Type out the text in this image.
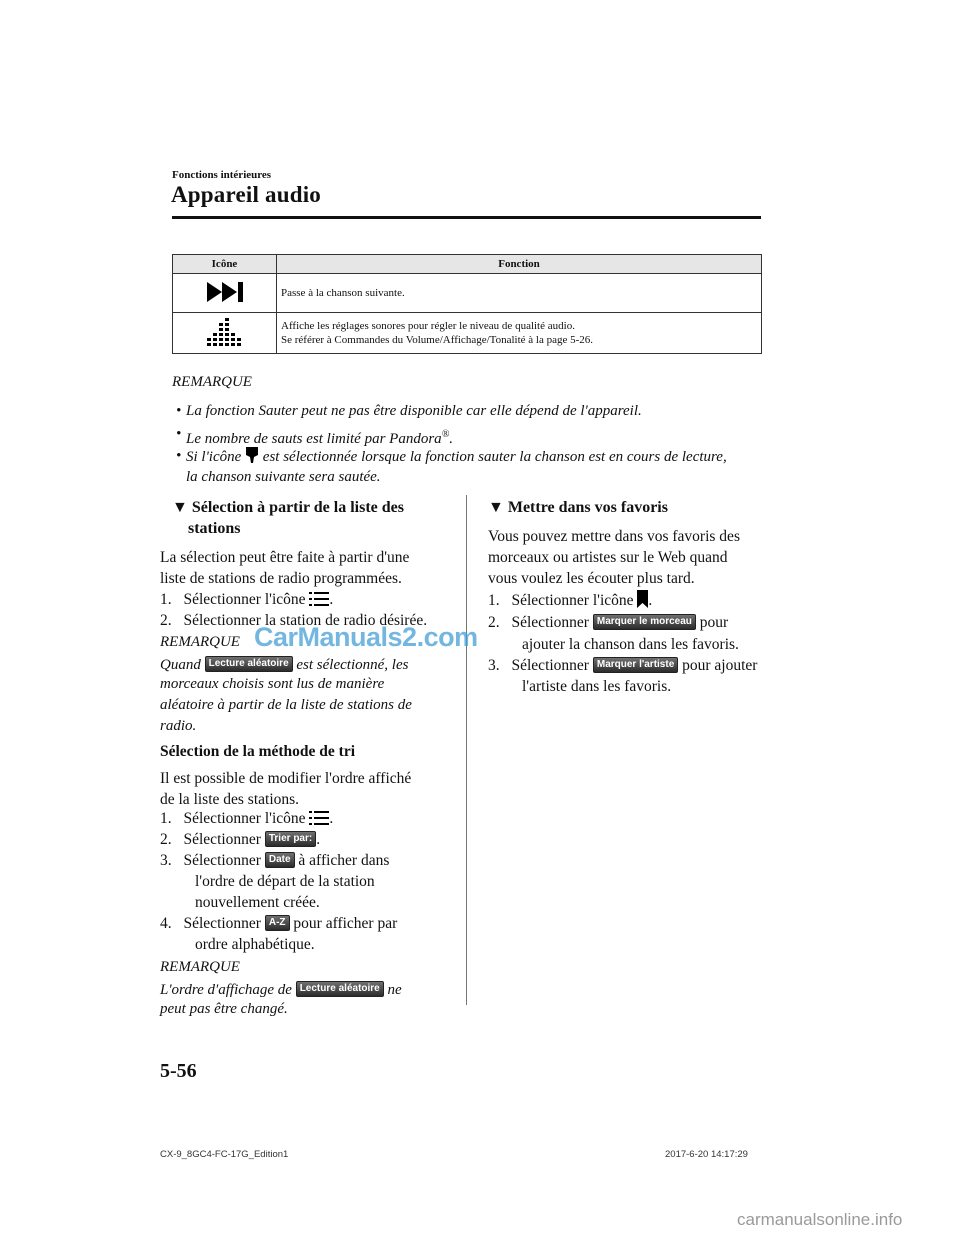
Fonctions intérieures
Appareil audio
Icône	Fonction

Passe à la chanson suivante.

Affiche les réglages sonores pour régler le niveau de qualité audio.
Se référer à Commandes du Volume/Affichage/Tonalité à la page 5-26.
REMARQUE
• La fonction Sauter peut ne pas être disponible car elle dépend de l'appareil.
• Le nombre de sauts est limité par Pandora®.
• Si l'icône est sélectionnée lorsque la fonction sauter la chanson est en cours de lecture,
la chanson suivante sera sautée.
▼ Sélection à partir de la liste des
stations
La sélection peut être faite à partir d'une
liste de stations de radio programmées.
1. Sélectionner l'icône .
2. Sélectionner la station de radio désirée.
REMARQUE
Quand Lecture aléatoire est sélectionné, les
morceaux choisis sont lus de manière
aléatoire à partir de la liste de stations de
radio.
Sélection de la méthode de tri
Il est possible de modifier l'ordre affiché
de la liste des stations.
1. Sélectionner l'icône .
2. Sélectionner Trier par: .
3. Sélectionner Date à afficher dans
l'ordre de départ de la station
nouvellement créée.
4. Sélectionner A-Z pour afficher par
ordre alphabétique.
REMARQUE
L'ordre d'affichage de Lecture aléatoire ne
peut pas être changé.
▼ Mettre dans vos favoris
Vous pouvez mettre dans vos favoris des
morceaux ou artistes sur le Web quand
vous voulez les écouter plus tard.
1. Sélectionner l'icône .
2. Sélectionner Marquer le morceau pour
ajouter la chanson dans les favoris.
3. Sélectionner Marquer l'artiste pour ajouter
l'artiste dans les favoris.
CarManuals2.com
carmanualsonline.info
5-56
CX-9_8GC4-FC-17G_Edition1	2017-6-20 14:17:29
